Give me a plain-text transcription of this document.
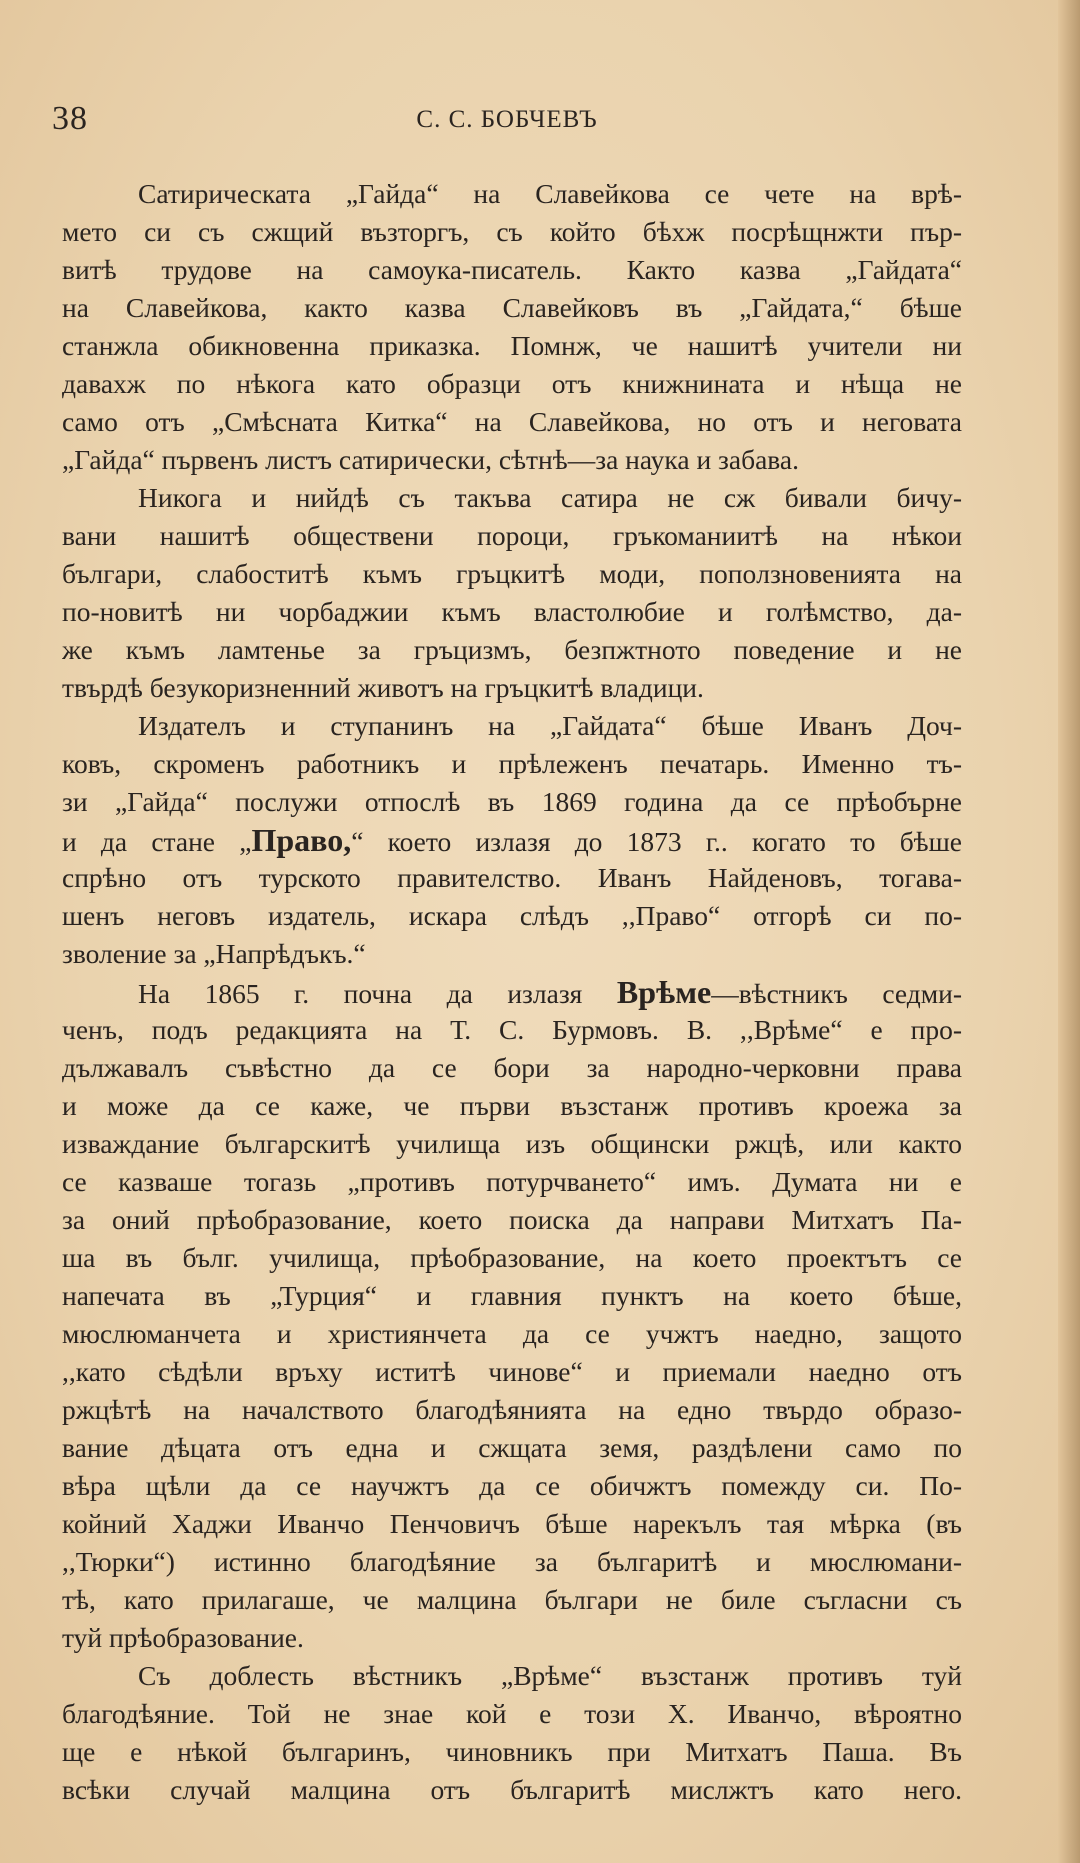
38	С. С. БОБЧЕВЪ
Сатирическата „Гайда“ на Славейкова се чете на врѣ-
мето си съ сжщий възторгъ, съ който бѣхж посрѣщнжти пър-
витѣ трудове на самоука-писатель. Както казва „Гайдата“
на Славейкова, както казва Славейковъ въ „Гайдата,“ бѣше
станжла обикновенна приказка. Помнж, че нашитѣ учители ни
давахж по нѣкога като образци отъ книжнината и нѣща не
само отъ „Смѣсната Китка“ на Славейкова, но отъ и неговата
„Гайда“ първенъ листъ сатирически, сѣтнѣ—за наука и забава.
Никога и нийдѣ съ такъва сатира не сж бивали бичу-
вани нашитѣ обществени пороци, гръкоманиитѣ на нѣкои
българи, слабоститѣ къмъ гръцкитѣ моди, попoлзновенията на
по-новитѣ ни чорбаджии къмъ властолюбие и голѣмство, да-
же къмъ ламтенье за гръцизмъ, безпжтното поведение и не
твърдѣ безукоризненний животъ на гръцкитѣ владици.
Издателъ и ступанинъ на „Гайдата“ бѣше Иванъ Доч-
ковъ, скроменъ работникъ и прѣлеженъ печатарь. Именно тъ-
зи „Гайда“ послужи отпослѣ въ 1869 година да се прѣобърне
и да стане „Право,“ което излазя до 1873 г.. когато то бѣше
спрѣно отъ турското правителство. Иванъ Найденовъ, тогава-
шенъ неговъ издатель, искара слѣдъ ,,Право“ отгорѣ си по-
зволение за „Напрѣдъкъ.“
На 1865 г. почна да излазя Врѣме—вѣстникъ седми-
ченъ, подъ редакцията на Т. С. Бурмовъ. В. ,,Врѣме“ е про-
дължавалъ съвѣстно да се бори за народно-черковни права
и може да се каже, че първи възстанж противъ кроежа за
изваждание българскитѣ училища изъ общински ржцѣ, или както
се казваше тогазь „противъ потурчването“ имъ. Думата ни е
за оний прѣобразование, което поиска да направи Митхатъ Па-
ша въ бълг. училища, прѣобразование, на което проектътъ се
напечата въ „Турция“ и главния пунктъ на което бѣше,
мюслюманчета и християнчета да се учжтъ наедно, защото
,,като сѣдѣли връху иститѣ чинове“ и приемали наедно отъ
ржцѣтѣ на началството благодѣянията на едно твърдо образо-
вание дѣцата отъ една и сжщата земя, раздѣлени само по
вѣра щѣли да се научжтъ да се обичжтъ помежду си. По-
койний Хаджи Иванчо Пенчовичъ бѣше нарекълъ тая мѣрка (въ
,,Тюрки“) истинно благодѣяние за българитѣ и мюслюмани-
тѣ, като прилагаше, че малцина българи не биле съгласни съ
туй прѣобразование.
Съ доблесть вѣстникъ „Врѣме“ възстанж противъ туй
благодѣяние. Той не знае кой е този Х. Иванчо, вѣроятно
ще е нѣкой българинъ, чиновникъ при Митхатъ Паша. Въ
всѣки случай малцина отъ българитѣ мислжтъ като него.
